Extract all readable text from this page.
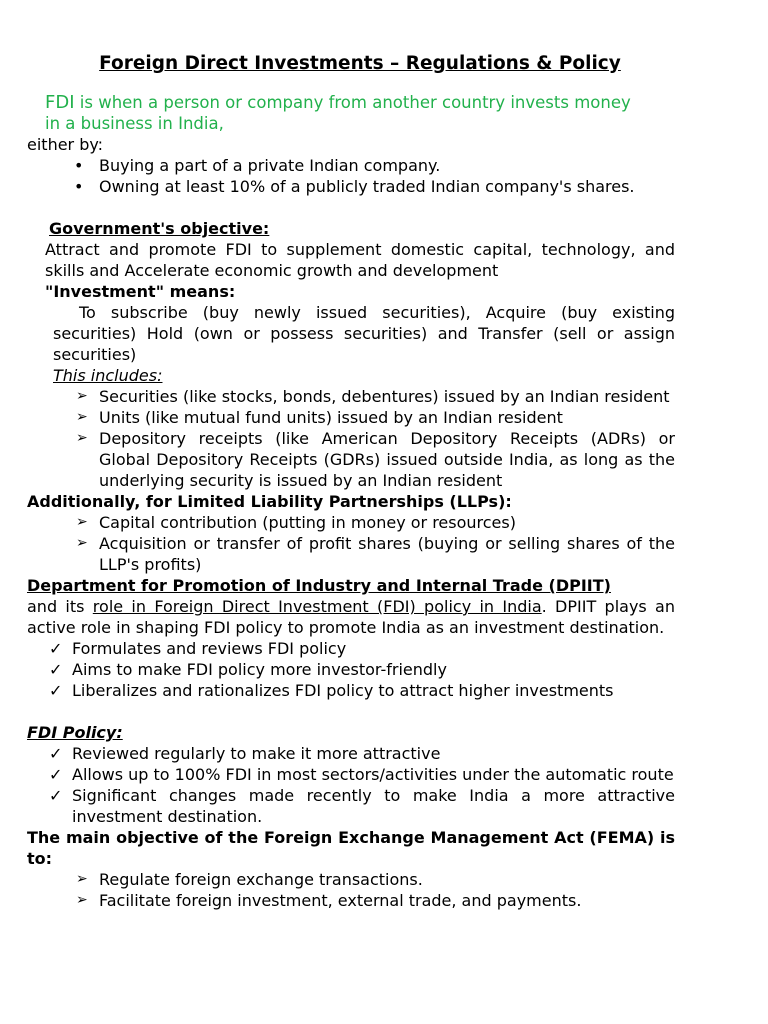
Foreign Direct Investments – Regulations & Policy
FDI is when a person or company from another country invests money
in a business in India,

either by:

• Buying a part of a private Indian company.
• Owning at least 10% of a publicly traded Indian company's shares.

Government's objective:

Attract and promote FDI to supplement domestic capital, technology, and skills and Accelerate economic growth and development

"Investment" means:

To subscribe (buy newly issued securities), Acquire (buy existing securities) Hold (own or possess securities) and Transfer (sell or assign securities)

This includes:

➢ Securities (like stocks, bonds, debentures) issued by an Indian resident
➢ Units (like mutual fund units) issued by an Indian resident
➢ Depository receipts (like American Depository Receipts (ADRs) or Global Depository Receipts (GDRs) issued outside India, as long as the underlying security is issued by an Indian resident

Additionally, for Limited Liability Partnerships (LLPs):

➢ Capital contribution (putting in money or resources)
➢ Acquisition or transfer of profit shares (buying or selling shares of the LLP's profits)

Department for Promotion of Industry and Internal Trade (DPIIT)

and its role in Foreign Direct Investment (FDI) policy in India. DPIIT plays an active role in shaping FDI policy to promote India as an investment destination.

✓ Formulates and reviews FDI policy
✓ Aims to make FDI policy more investor-friendly
✓ Liberalizes and rationalizes FDI policy to attract higher investments

FDI Policy:

✓ Reviewed regularly to make it more attractive
✓ Allows up to 100% FDI in most sectors/activities under the automatic route
✓ Significant changes made recently to make India a more attractive investment destination.

The main objective of the Foreign Exchange Management Act (FEMA) is to:

➢ Regulate foreign exchange transactions.
➢ Facilitate foreign investment, external trade, and payments.
